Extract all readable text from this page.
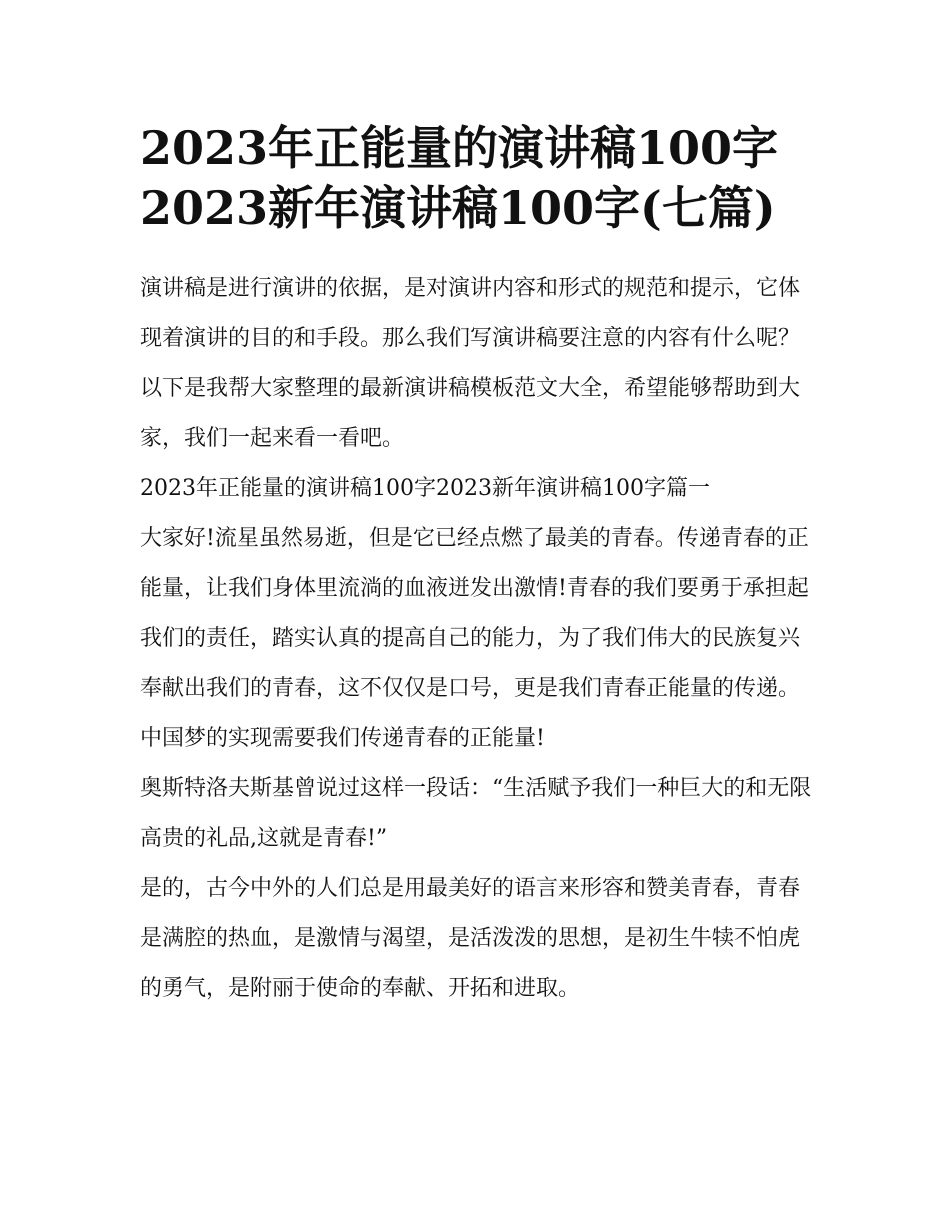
2023年正能量的演讲稿100字
2023新年演讲稿100字(七篇)

演讲稿是进行演讲的依据，是对演讲内容和形式的规范和提示，它体现着演讲的目的和手段。那么我们写演讲稿要注意的内容有什么呢？以下是我帮大家整理的最新演讲稿模板范文大全，希望能够帮助到大家，我们一起来看一看吧。

2023年正能量的演讲稿100字2023新年演讲稿100字篇一

大家好!流星虽然易逝，但是它已经点燃了最美的青春。传递青春的正能量，让我们身体里流淌的血液迸发出激情!青春的我们要勇于承担起我们的责任，踏实认真的提高自己的能力，为了我们伟大的民族复兴奉献出我们的青春，这不仅仅是口号，更是我们青春正能量的传递。中国梦的实现需要我们传递青春的正能量!

奥斯特洛夫斯基曾说过这样一段话：“生活赋予我们一种巨大的和无限高贵的礼品,这就是青春!”

是的，古今中外的人们总是用最美好的语言来形容和赞美青春，青春是满腔的热血，是激情与渴望，是活泼泼的思想，是初生牛犊不怕虎的勇气，是附丽于使命的奉献、开拓和进取。
